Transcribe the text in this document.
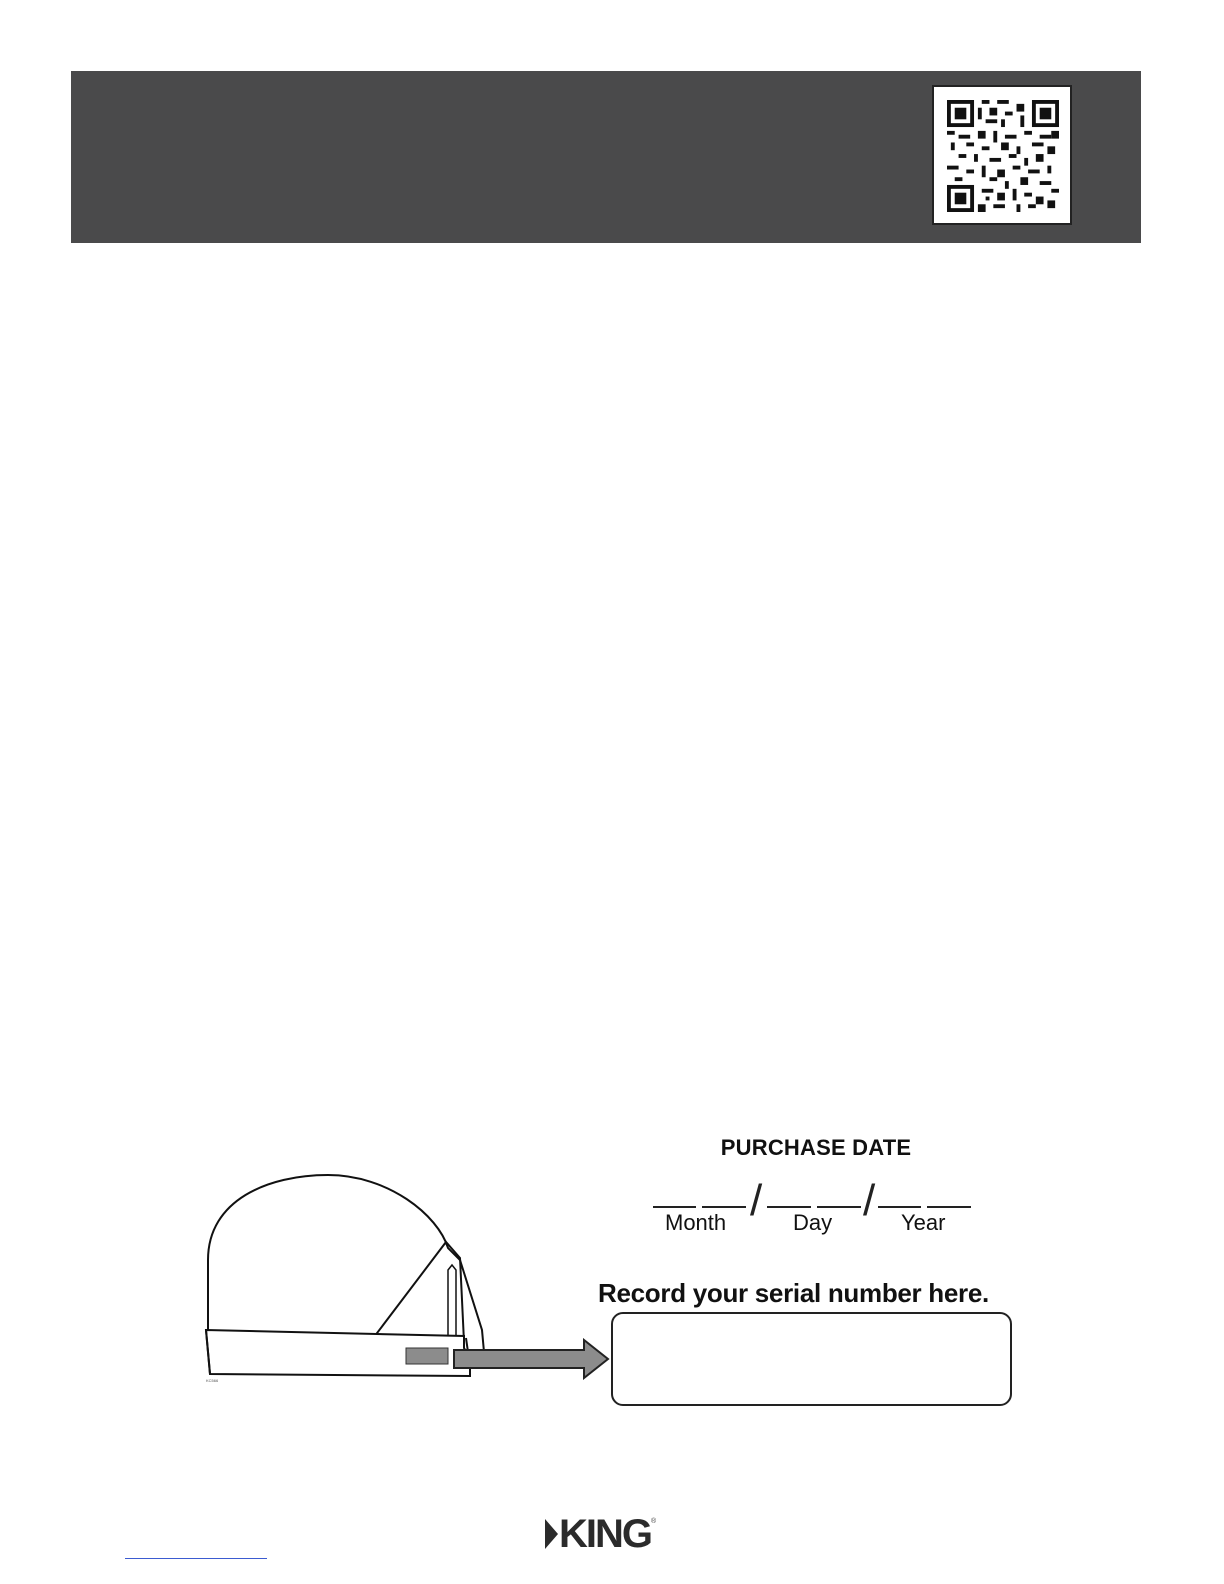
KC566
PURCHASE DATE
/ /
Month	Day	Year
Record your serial number here.
KING ®
